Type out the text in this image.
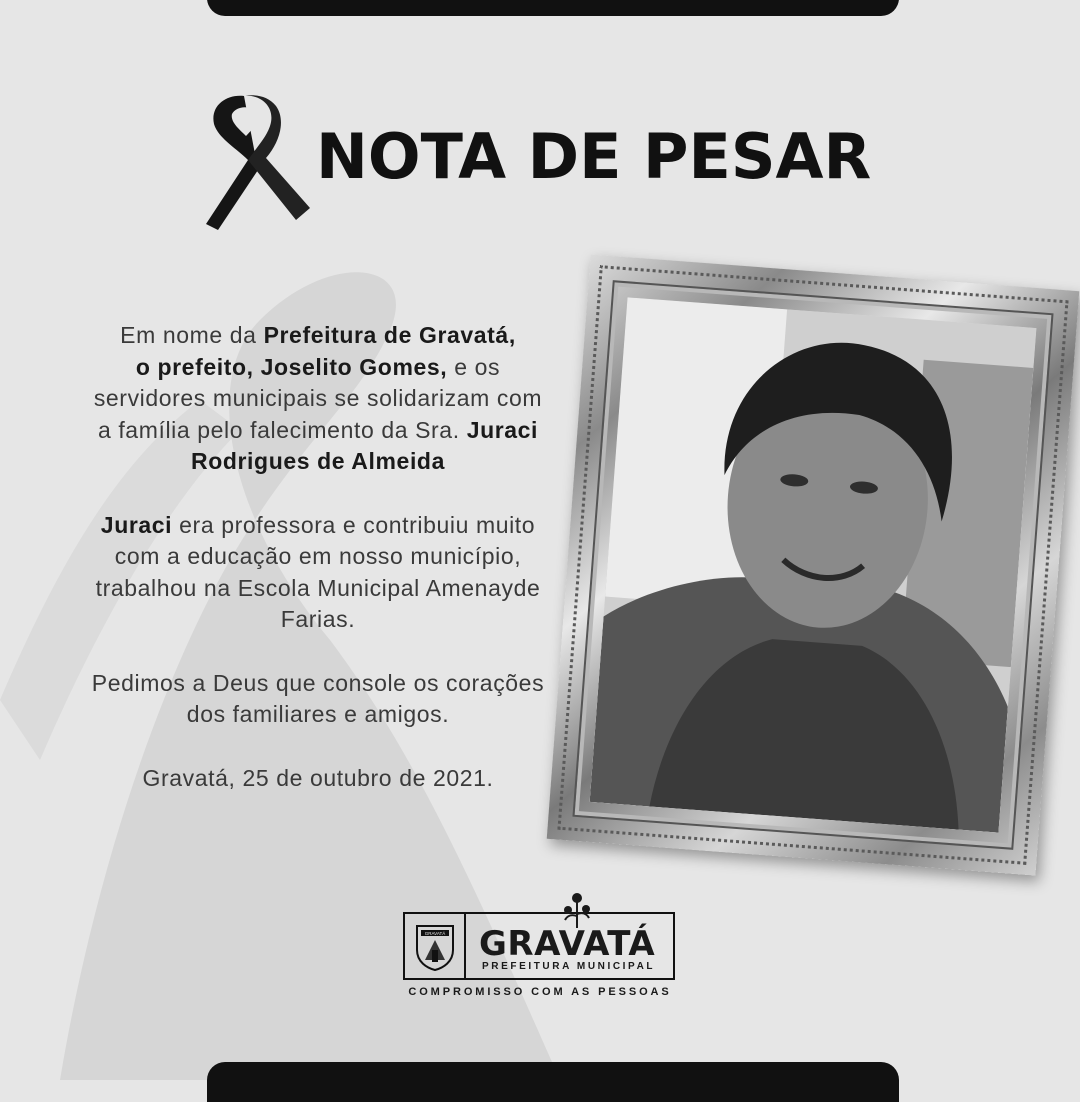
NOTA DE PESAR

Em nome da Prefeitura de Gravatá,
o prefeito, Joselito Gomes, e os servidores municipais se solidarizam com a família pelo falecimento da Sra. Juraci Rodrigues de Almeida

Juraci era professora e contribuiu muito com a educação em nosso município, trabalhou na Escola Municipal Amenayde Farias.

Pedimos a Deus que console os corações dos familiares e amigos.

Gravatá, 25 de outubro de 2021.

GRAVATÁ GRAVATÁ
PREFEITURA MUNICIPAL
COMPROMISSO COM AS PESSOAS
